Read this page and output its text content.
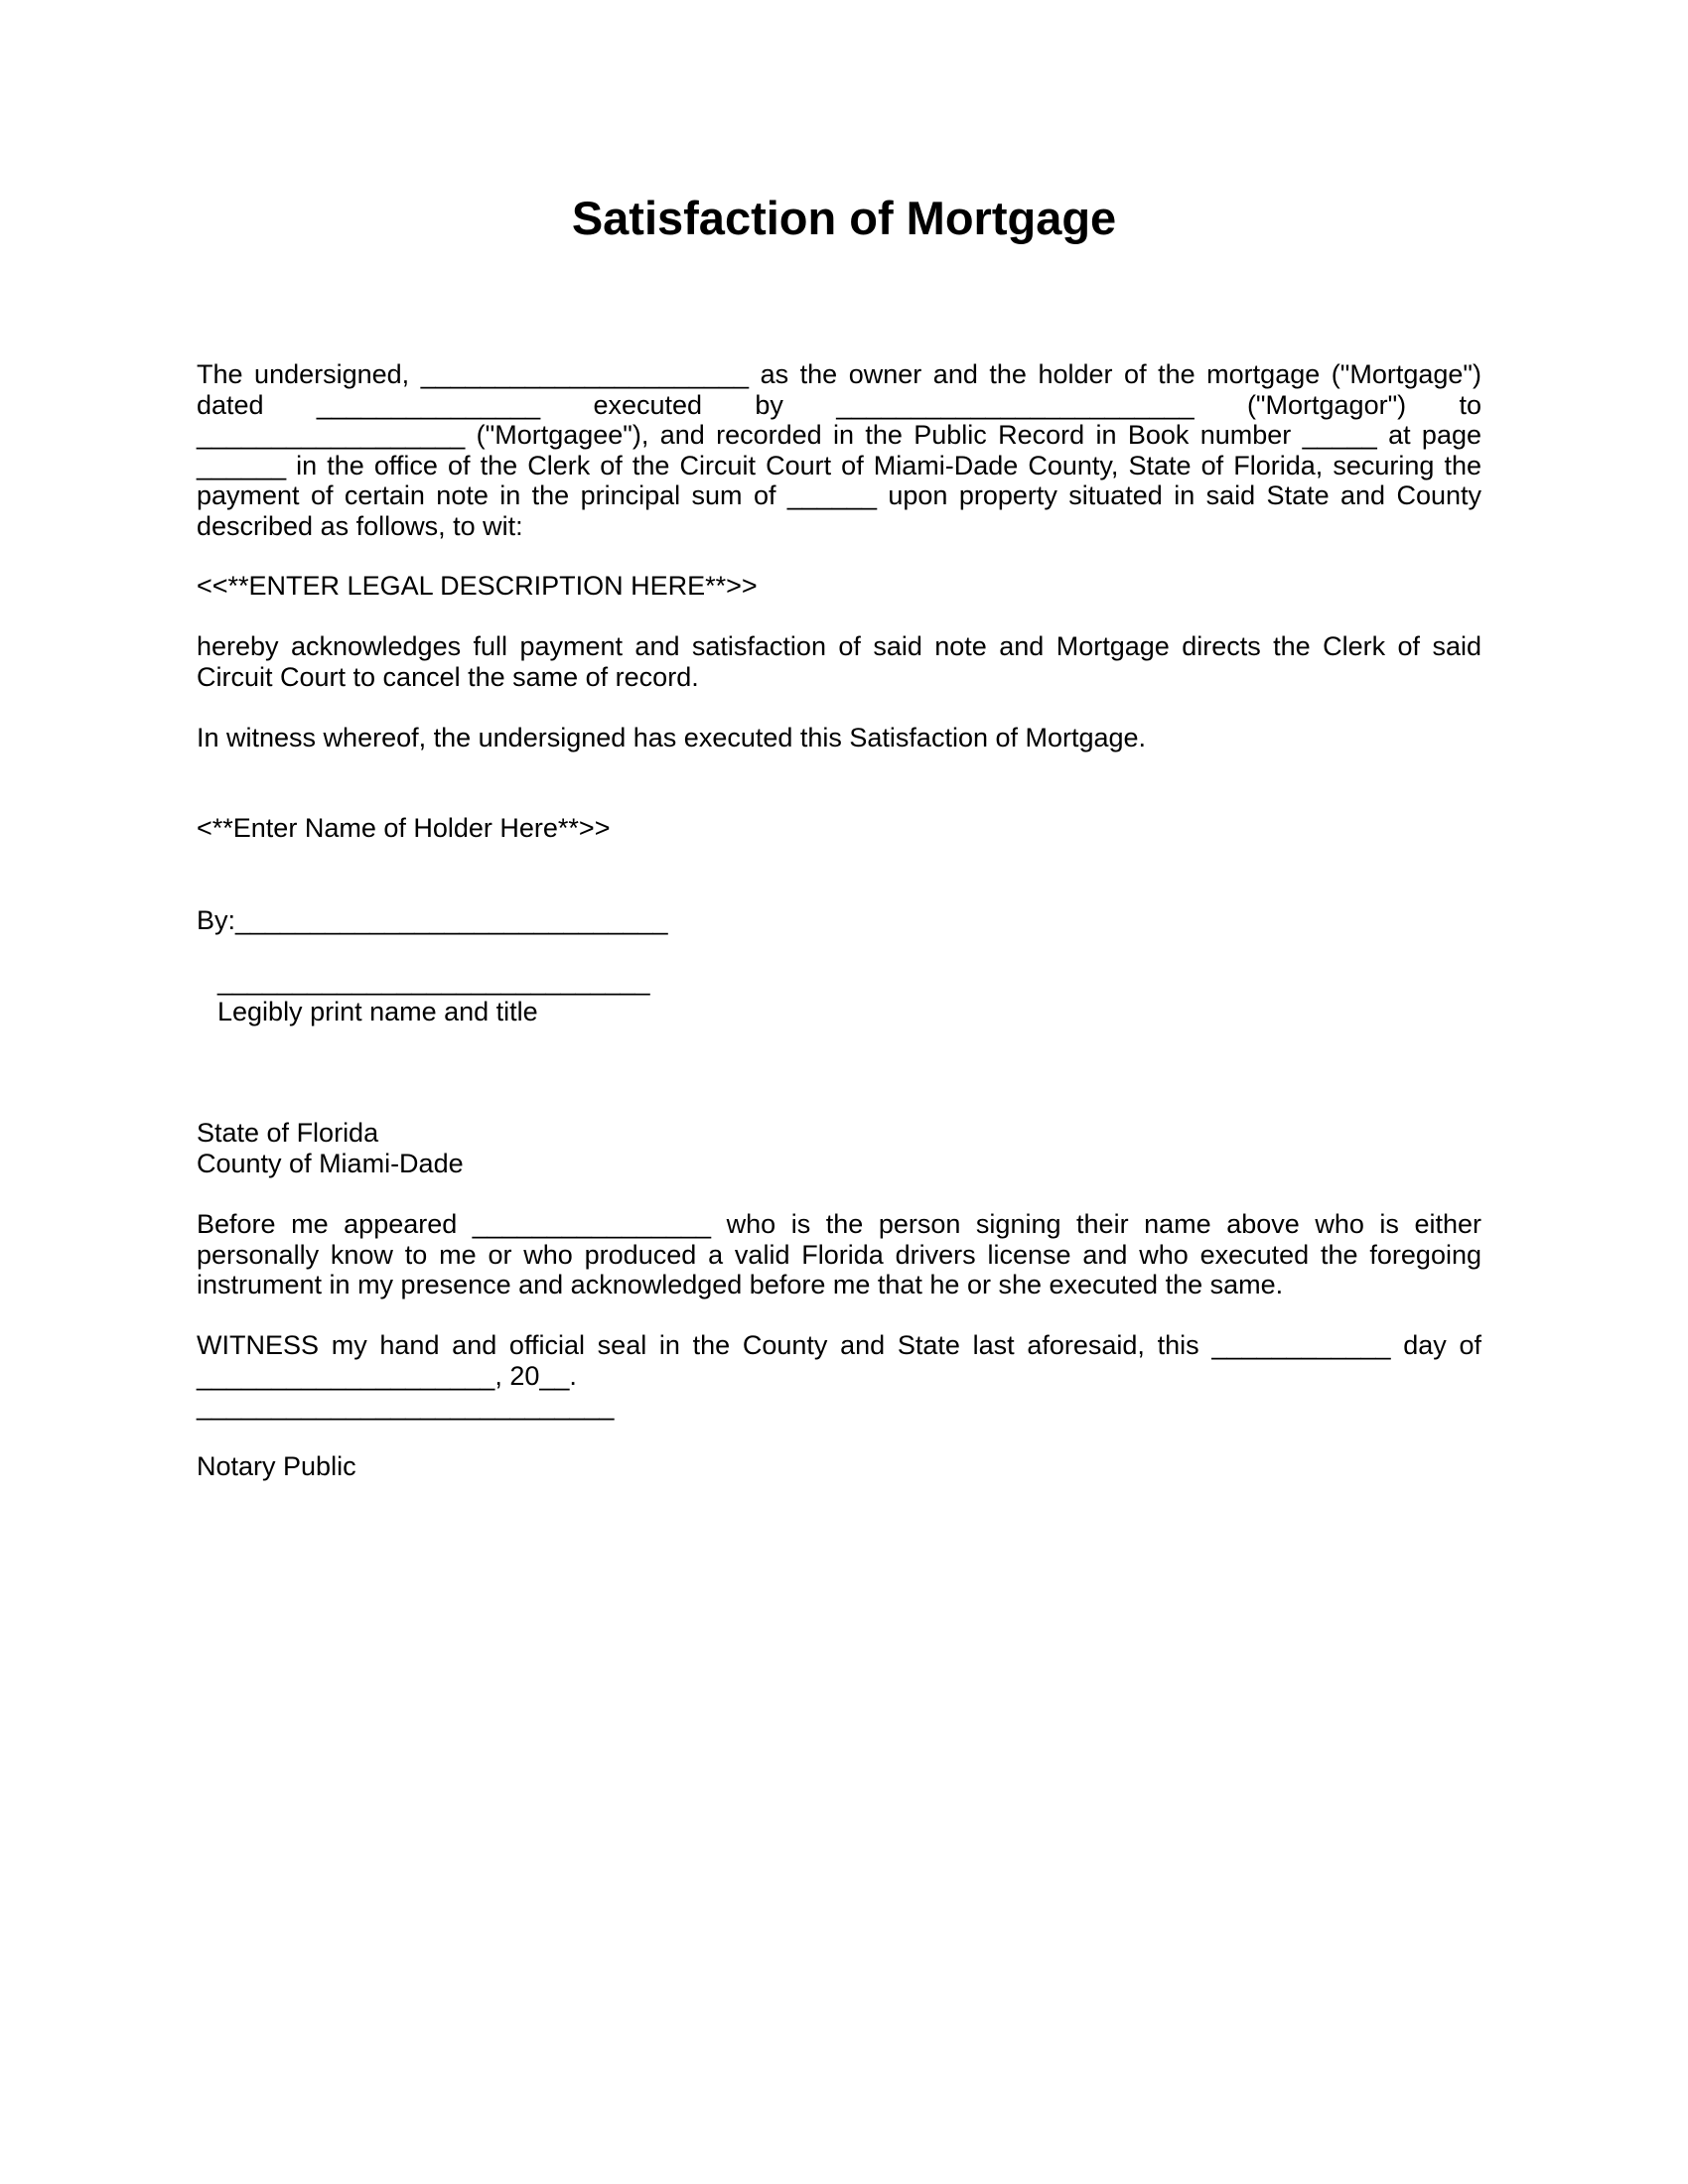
Satisfaction of Mortgage

The undersigned, ______________________ as the owner and the holder of the mortgage ("Mortgage") dated _______________ executed by ________________________ ("Mortgagor") to __________________ ("Mortgagee"), and recorded in the Public Record in Book number _____ at page ______ in the office of the Clerk of the Circuit Court of Miami-Dade County, State of Florida, securing the payment of certain note in the principal sum of ______ upon property situated in said State and County described as follows, to wit:

<<**ENTER LEGAL DESCRIPTION HERE**>>

hereby acknowledges full payment and satisfaction of said note and Mortgage directs the Clerk of said Circuit Court to cancel the same of record.

In witness whereof, the undersigned has executed this Satisfaction of Mortgage.

<**Enter Name of Holder Here**>>

By:_____________________________

_____________________________

Legibly print name and title

State of Florida
County of Miami-Dade

Before me appeared ________________ who is the person signing their name above who is either personally know to me or who produced a valid Florida drivers license and who executed the foregoing instrument in my presence and acknowledged before me that he or she executed the same.

WITNESS my hand and official seal in the County and State last aforesaid, this ____________ day of ____________________, 20__.

____________________________

Notary Public
